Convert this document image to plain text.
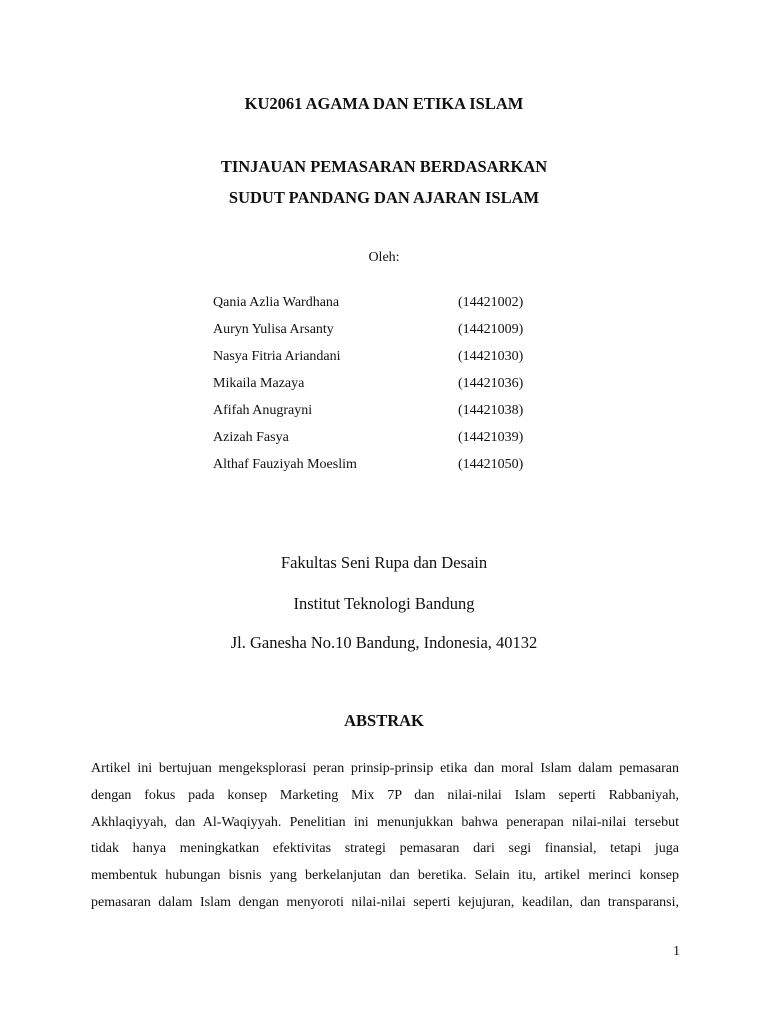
KU2061 AGAMA DAN ETIKA ISLAM
TINJAUAN PEMASARAN BERDASARKAN
SUDUT PANDANG DAN AJARAN ISLAM
Oleh:
Qania Azlia Wardhana	(14421002)
Auryn Yulisa Arsanty	(14421009)
Nasya Fitria Ariandani	(14421030)
Mikaila Mazaya	(14421036)
Afifah Anugrayni	(14421038)
Azizah Fasya	(14421039)
Althaf Fauziyah Moeslim	(14421050)
Fakultas Seni Rupa dan Desain
Institut Teknologi Bandung
Jl. Ganesha No.10 Bandung, Indonesia, 40132
ABSTRAK
Artikel ini bertujuan mengeksplorasi peran prinsip-prinsip etika dan moral Islam dalam pemasaran
dengan fokus pada konsep Marketing Mix 7P dan nilai-nilai Islam seperti Rabbaniyah,
Akhlaqiyyah, dan Al-Waqiyyah. Penelitian ini menunjukkan bahwa penerapan nilai-nilai tersebut
tidak hanya meningkatkan efektivitas strategi pemasaran dari segi finansial, tetapi juga
membentuk hubungan bisnis yang berkelanjutan dan beretika. Selain itu, artikel merinci konsep
pemasaran dalam Islam dengan menyoroti nilai-nilai seperti kejujuran, keadilan, dan transparansi,
1
